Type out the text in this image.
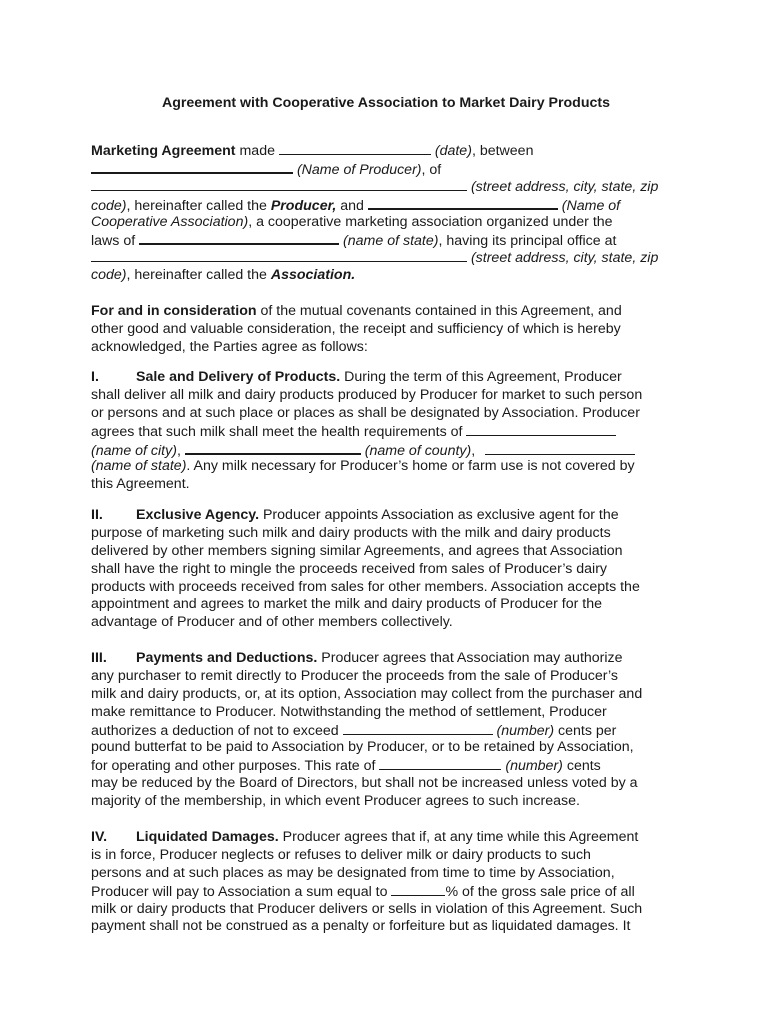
Agreement with Cooperative Association to Market Dairy Products
Marketing Agreement made	(date), between
(Name of Producer), of
(street address, city, state, zip
code), hereinafter called the Producer, and	(Name of
Cooperative Association), a cooperative marketing association organized under the
laws of	(name of state), having its principal office at
(street address, city, state, zip
code), hereinafter called the Association.
For and in consideration of the mutual covenants contained in this Agreement, and
other good and valuable consideration, the receipt and sufficiency of which is hereby
acknowledged, the Parties agree as follows:
I.	Sale and Delivery of Products. During the term of this Agreement, Producer
shall deliver all milk and dairy products produced by Producer for market to such person
or persons and at such place or places as shall be designated by Association. Producer
agrees that such milk shall meet the health requirements of
(name of city),	(name of county),
(name of state). Any milk necessary for Producer’s home or farm use is not covered by
this Agreement.
II. Exclusive Agency. Producer appoints Association as exclusive agent for the
purpose of marketing such milk and dairy products with the milk and dairy products
delivered by other members signing similar Agreements, and agrees that Association
shall have the right to mingle the proceeds received from sales of Producer’s dairy
products with proceeds received from sales for other members. Association accepts the
appointment and agrees to market the milk and dairy products of Producer for the
advantage of Producer and of other members collectively.
III. Payments and Deductions. Producer agrees that Association may authorize
any purchaser to remit directly to Producer the proceeds from the sale of Producer’s
milk and dairy products, or, at its option, Association may collect from the purchaser and
make remittance to Producer. Notwithstanding the method of settlement, Producer
authorizes a deduction of not to exceed	(number) cents per
pound butterfat to be paid to Association by Producer, or to be retained by Association,
for operating and other purposes. This rate of	(number) cents
may be reduced by the Board of Directors, but shall not be increased unless voted by a
majority of the membership, in which event Producer agrees to such increase.
IV. Liquidated Damages. Producer agrees that if, at any time while this Agreement
is in force, Producer neglects or refuses to deliver milk or dairy products to such
persons and at such places as may be designated from time to time by Association,
Producer will pay to Association a sum equal to	% of the gross sale price of all
milk or dairy products that Producer delivers or sells in violation of this Agreement. Such
payment shall not be construed as a penalty or forfeiture but as liquidated damages. It
